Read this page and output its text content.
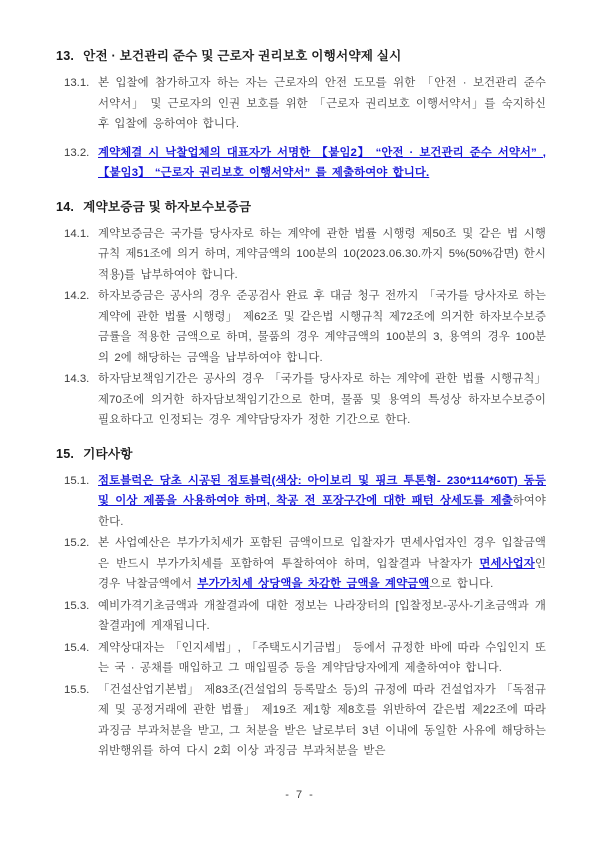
13. 안전 · 보건관리 준수 및 근로자 권리보호 이행서약제 실시

13.1. 본 입찰에 참가하고자 하는 자는 근로자의 안전 도모를 위한 「안전 · 보건관리 준수 서약서」 및 근로자의 인권 보호를 위한 「근로자 권리보호 이행서약서」를 숙지하신 후 입찰에 응하여야 합니다.

13.2. 계약체결 시 낙찰업체의 대표자가 서명한 【붙임2】 “안전 · 보건관리 준수 서약서” , 【붙임3】 “근로자 권리보호 이행서약서” 를 제출하여야 합니다.

14. 계약보증금 및 하자보수보증금

14.1. 계약보증금은 국가를 당사자로 하는 계약에 관한 법률 시행령 제50조 및 같은 법 시행규칙 제51조에 의거 하며, 계약금액의 100분의 10(2023.06.30.까지 5%(50%감면) 한시 적용)를 납부하여야 합니다.

14.2. 하자보증금은 공사의 경우 준공검사 완료 후 대금 청구 전까지 「국가를 당사자로 하는 계약에 관한 법률 시행령」 제62조 및 같은법 시행규칙 제72조에 의거한 하자보수보증금률을 적용한 금액으로 하며, 물품의 경우 계약금액의 100분의 3, 용역의 경우 100분의 2에 해당하는 금액을 납부하여야 합니다.

14.3. 하자담보책임기간은 공사의 경우 「국가를 당사자로 하는 계약에 관한 법률 시행규칙」 제70조에 의거한 하자담보책임기간으로 한며, 물품 및 용역의 특성상 하자보수보증이 필요하다고 인정되는 경우 계약담당자가 정한 기간으로 한다.

15. 기타사항

15.1. 점토블럭은 당초 시공된 점토블럭(색상: 아이보리 및 핑크 투톤형- 230*114*60T) 동등 및 이상 제품을 사용하여야 하며, 착공 전 포장구간에 대한 패턴 상세도를 제출하여야 한다.

15.2. 본 사업예산은 부가가치세가 포함된 금액이므로 입찰자가 면세사업자인 경우 입찰금액은 반드시 부가가치세를 포함하여 투찰하여야 하며, 입찰결과 낙찰자가 면세사업자인 경우 낙찰금액에서 부가가치세 상당액을 차감한 금액을 계약금액으로 합니다.

15.3. 예비가격기초금액과 개찰결과에 대한 정보는 나라장터의 [입찰정보-공사-기초금액과 개찰결과]에 게재됩니다.

15.4. 계약상대자는 「인지세법」, 「주택도시기금법」 등에서 규정한 바에 따라 수입인지 또는 국 · 공채를 매입하고 그 매입필증 등을 계약담당자에게 제출하여야 합니다.

15.5. 「건설산업기본법」 제83조(건설업의 등록말소 등)의 규정에 따라 건설업자가 「독점규제 및 공정거래에 관한 법률」 제19조 제1항 제8호를 위반하여 같은법 제22조에 따라 과징금 부과처분을 받고, 그 처분을 받은 날로부터 3년 이내에 동일한 사유에 해당하는 위반행위를 하여 다시 2회 이상 과징금 부과처분을 받은

- 7 -
